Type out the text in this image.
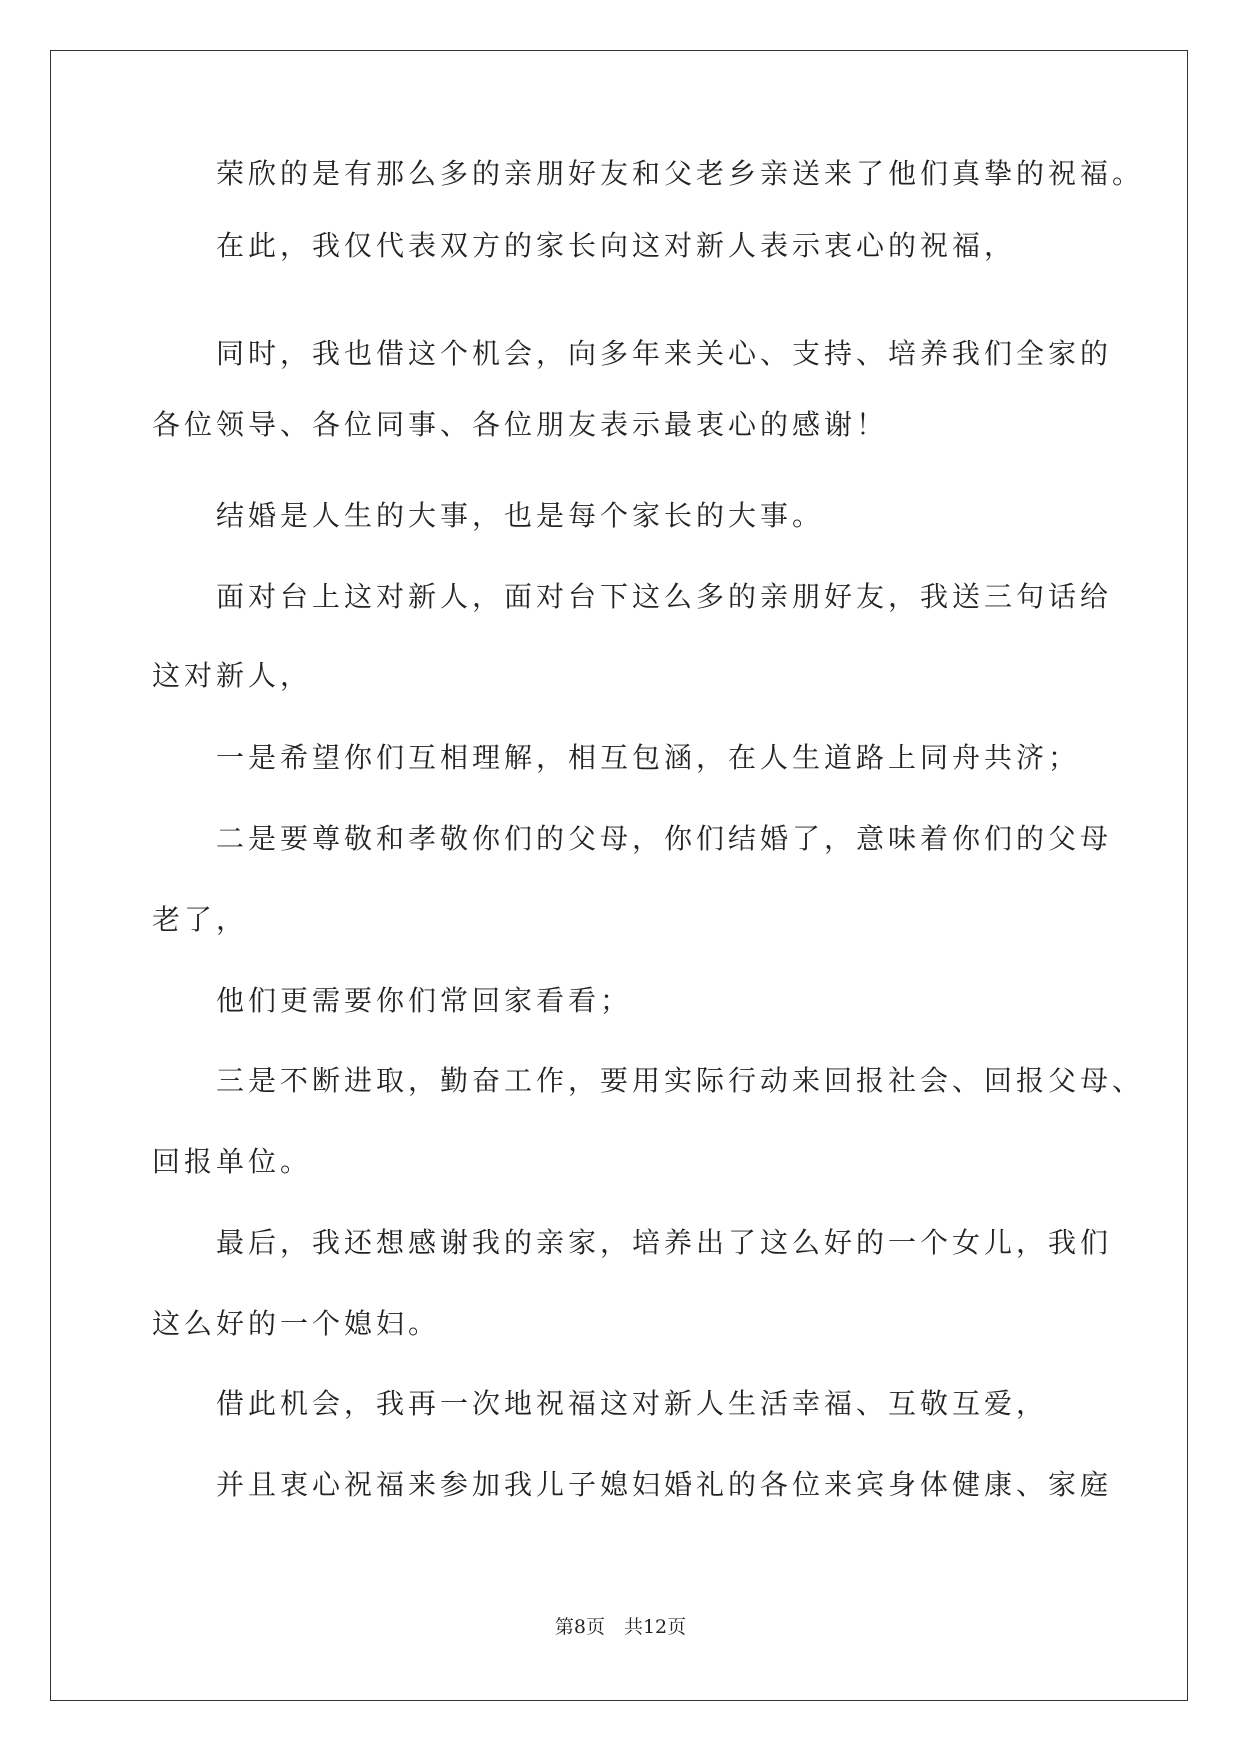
荣欣的是有那么多的亲朋好友和父老乡亲送来了他们真挚的祝福。
在此，我仅代表双方的家长向这对新人表示衷心的祝福，
同时，我也借这个机会，向多年来关心、支持、培养我们全家的
各位领导、各位同事、各位朋友表示最衷心的感谢！
结婚是人生的大事，也是每个家长的大事。
面对台上这对新人，面对台下这么多的亲朋好友，我送三句话给
这对新人，
一是希望你们互相理解，相互包涵，在人生道路上同舟共济；
二是要尊敬和孝敬你们的父母，你们结婚了，意味着你们的父母
老了，
他们更需要你们常回家看看；
三是不断进取，勤奋工作，要用实际行动来回报社会、回报父母、
回报单位。
最后，我还想感谢我的亲家，培养出了这么好的一个女儿，我们
这么好的一个媳妇。
借此机会，我再一次地祝福这对新人生活幸福、互敬互爱，
并且衷心祝福来参加我儿子媳妇婚礼的各位来宾身体健康、家庭
第8页　共12页
